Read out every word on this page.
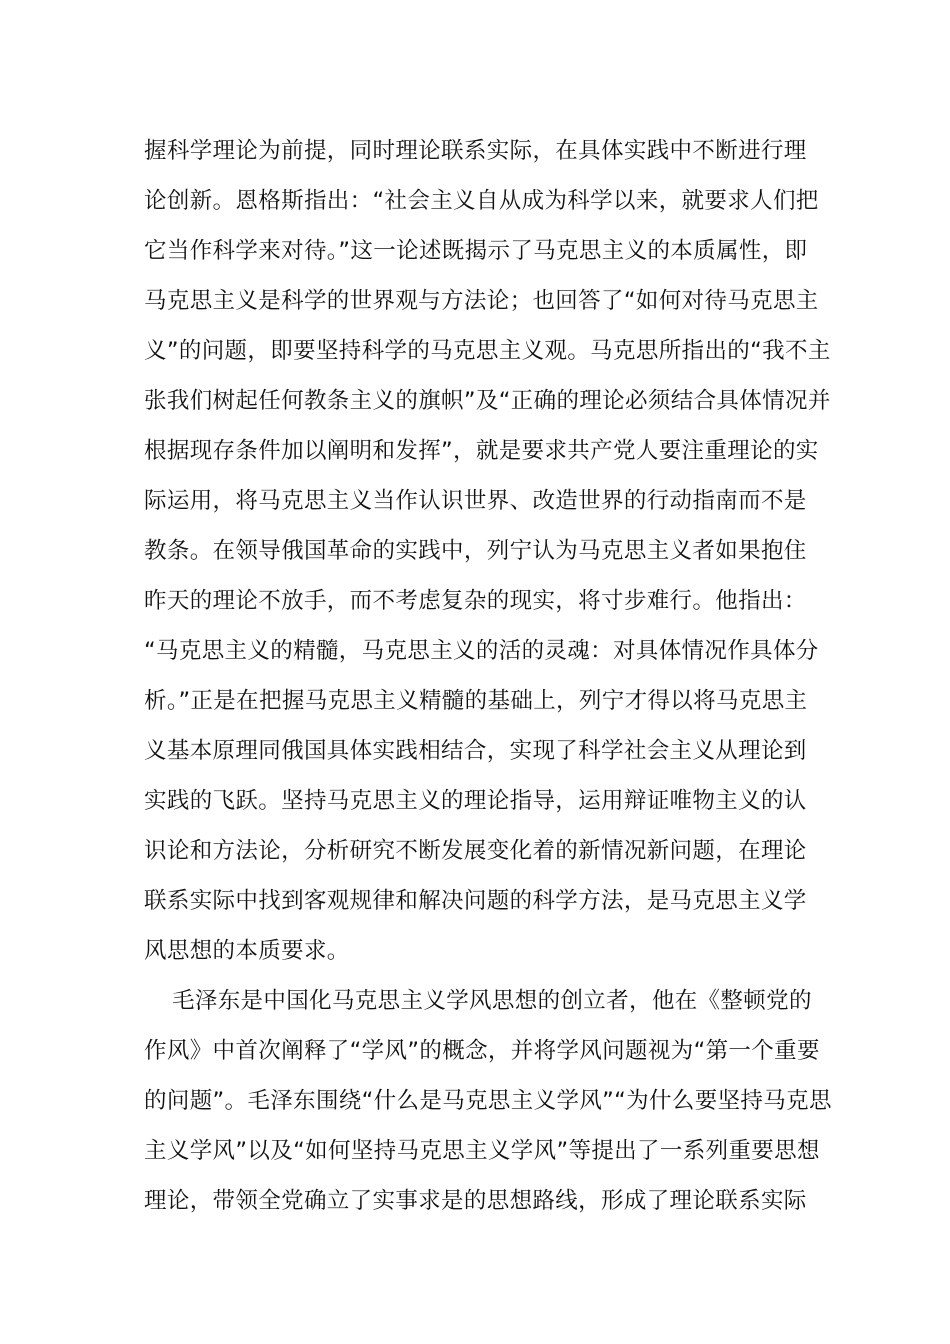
握科学理论为前提，同时理论联系实际，在具体实践中不断进行理
论创新。恩格斯指出：“社会主义自从成为科学以来，就要求人们把
它当作科学来对待。”这一论述既揭示了马克思主义的本质属性，即
马克思主义是科学的世界观与方法论；也回答了“如何对待马克思主
义”的问题，即要坚持科学的马克思主义观。马克思所指出的“我不主
张我们树起任何教条主义的旗帜”及“正确的理论必须结合具体情况并
根据现存条件加以阐明和发挥”，就是要求共产党人要注重理论的实
际运用，将马克思主义当作认识世界、改造世界的行动指南而不是
教条。在领导俄国革命的实践中，列宁认为马克思主义者如果抱住
昨天的理论不放手，而不考虑复杂的现实，将寸步难行。他指出：
“马克思主义的精髓，马克思主义的活的灵魂：对具体情况作具体分
析。”正是在把握马克思主义精髓的基础上，列宁才得以将马克思主
义基本原理同俄国具体实践相结合，实现了科学社会主义从理论到
实践的飞跃。坚持马克思主义的理论指导，运用辩证唯物主义的认
识论和方法论，分析研究不断发展变化着的新情况新问题，在理论
联系实际中找到客观规律和解决问题的科学方法，是马克思主义学
风思想的本质要求。

毛泽东是中国化马克思主义学风思想的创立者，他在《整顿党的
作风》中首次阐释了“学风”的概念，并将学风问题视为“第一个重要
的问题”。毛泽东围绕“什么是马克思主义学风”“为什么要坚持马克思
主义学风”以及“如何坚持马克思主义学风”等提出了一系列重要思想
理论，带领全党确立了实事求是的思想路线，形成了理论联系实际
